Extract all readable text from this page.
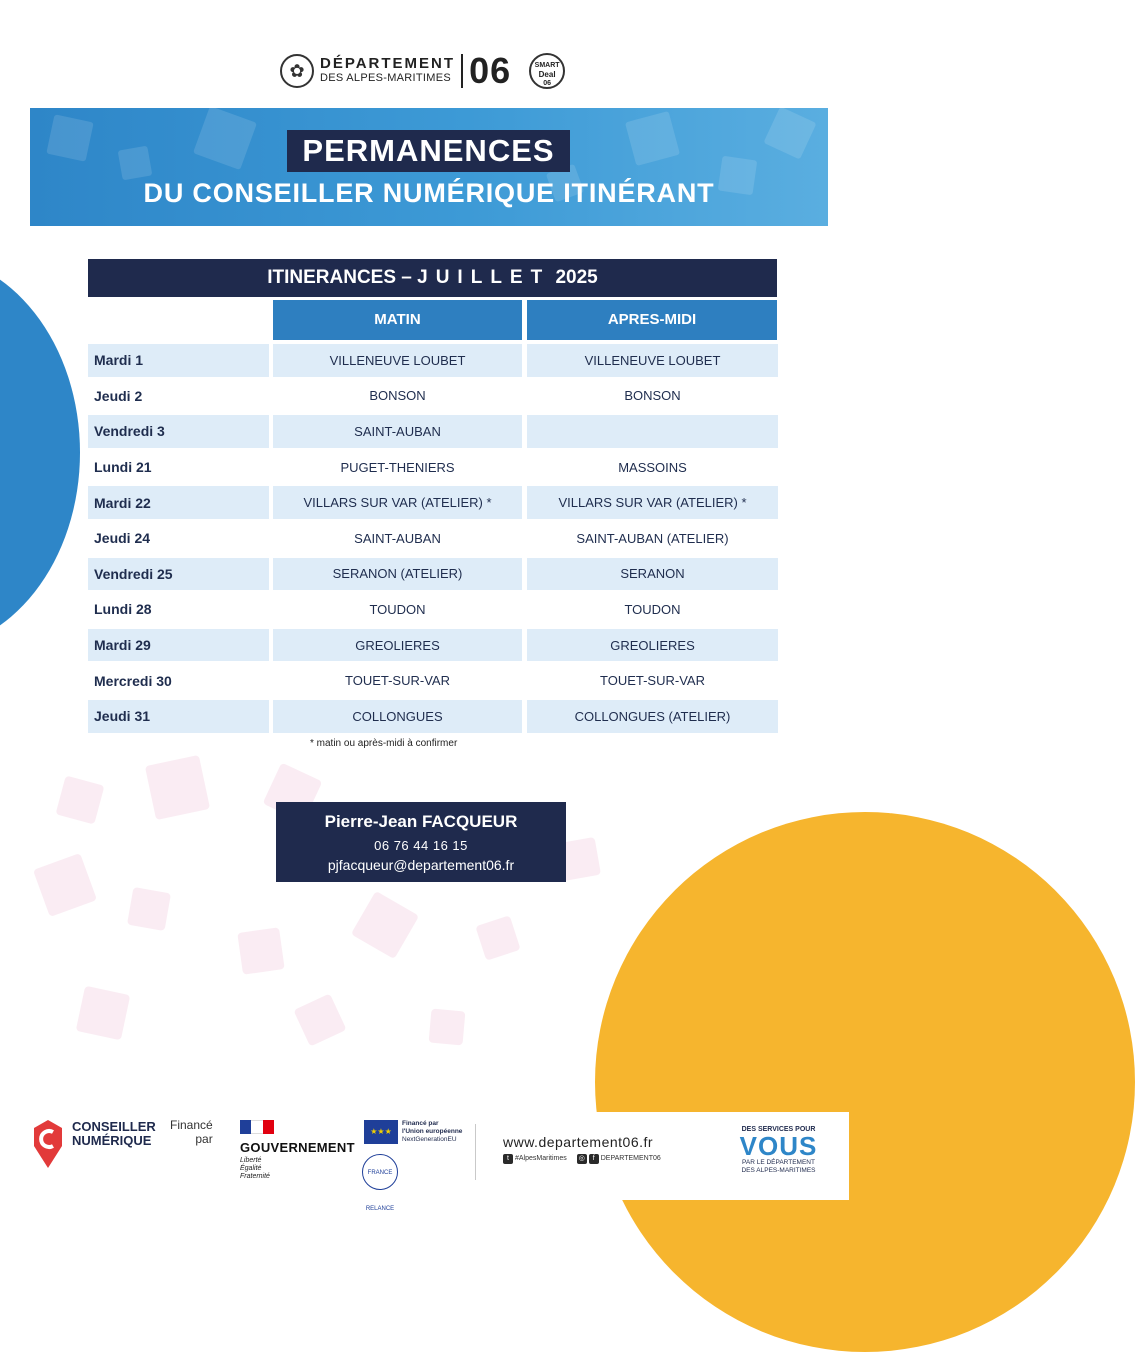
✿	DÉPARTEMENT
DES ALPES-MARITIMES 06	SMART
Deal
06
PERMANENCES
DU CONSEILLER NUMÉRIQUE ITINÉRANT
ITINERANCES – JUILLET 2025
MATIN	APRES-MIDI
Mardi 1	VILLENEUVE LOUBET	VILLENEUVE LOUBET
Jeudi 2	BONSON	BONSON
Vendredi 3	SAINT-AUBAN
Lundi 21	PUGET-THENIERS	MASSOINS
Mardi 22	VILLARS SUR VAR (ATELIER) *	VILLARS SUR VAR (ATELIER) *
Jeudi 24	SAINT-AUBAN	SAINT-AUBAN (ATELIER)
Vendredi 25	SERANON (ATELIER)	SERANON
Lundi 28	TOUDON	TOUDON
Mardi 29	GREOLIERES	GREOLIERES
Mercredi 30	TOUET-SUR-VAR	TOUET-SUR-VAR
Jeudi 31	COLLONGUES	COLLONGUES (ATELIER)
* matin ou après-midi à confirmer
Pierre-Jean FACQUEUR
06 76 44 16 15
pjfacqueur@departement06.fr
CONSEILLER
NUMÉRIQUE
Financé
par
GOUVERNEMENT
Liberté
Égalité
Fraternité
★★★
Financé par
l'Union européenne
NextGenerationEU
FRANCE RELANCE
www.departement06.fr
t #AlpesMaritimes ◎ f DEPARTEMENT06
DES SERVICES POUR
VOUS
PAR LE DÉPARTEMENT
DES ALPES-MARITIMES
